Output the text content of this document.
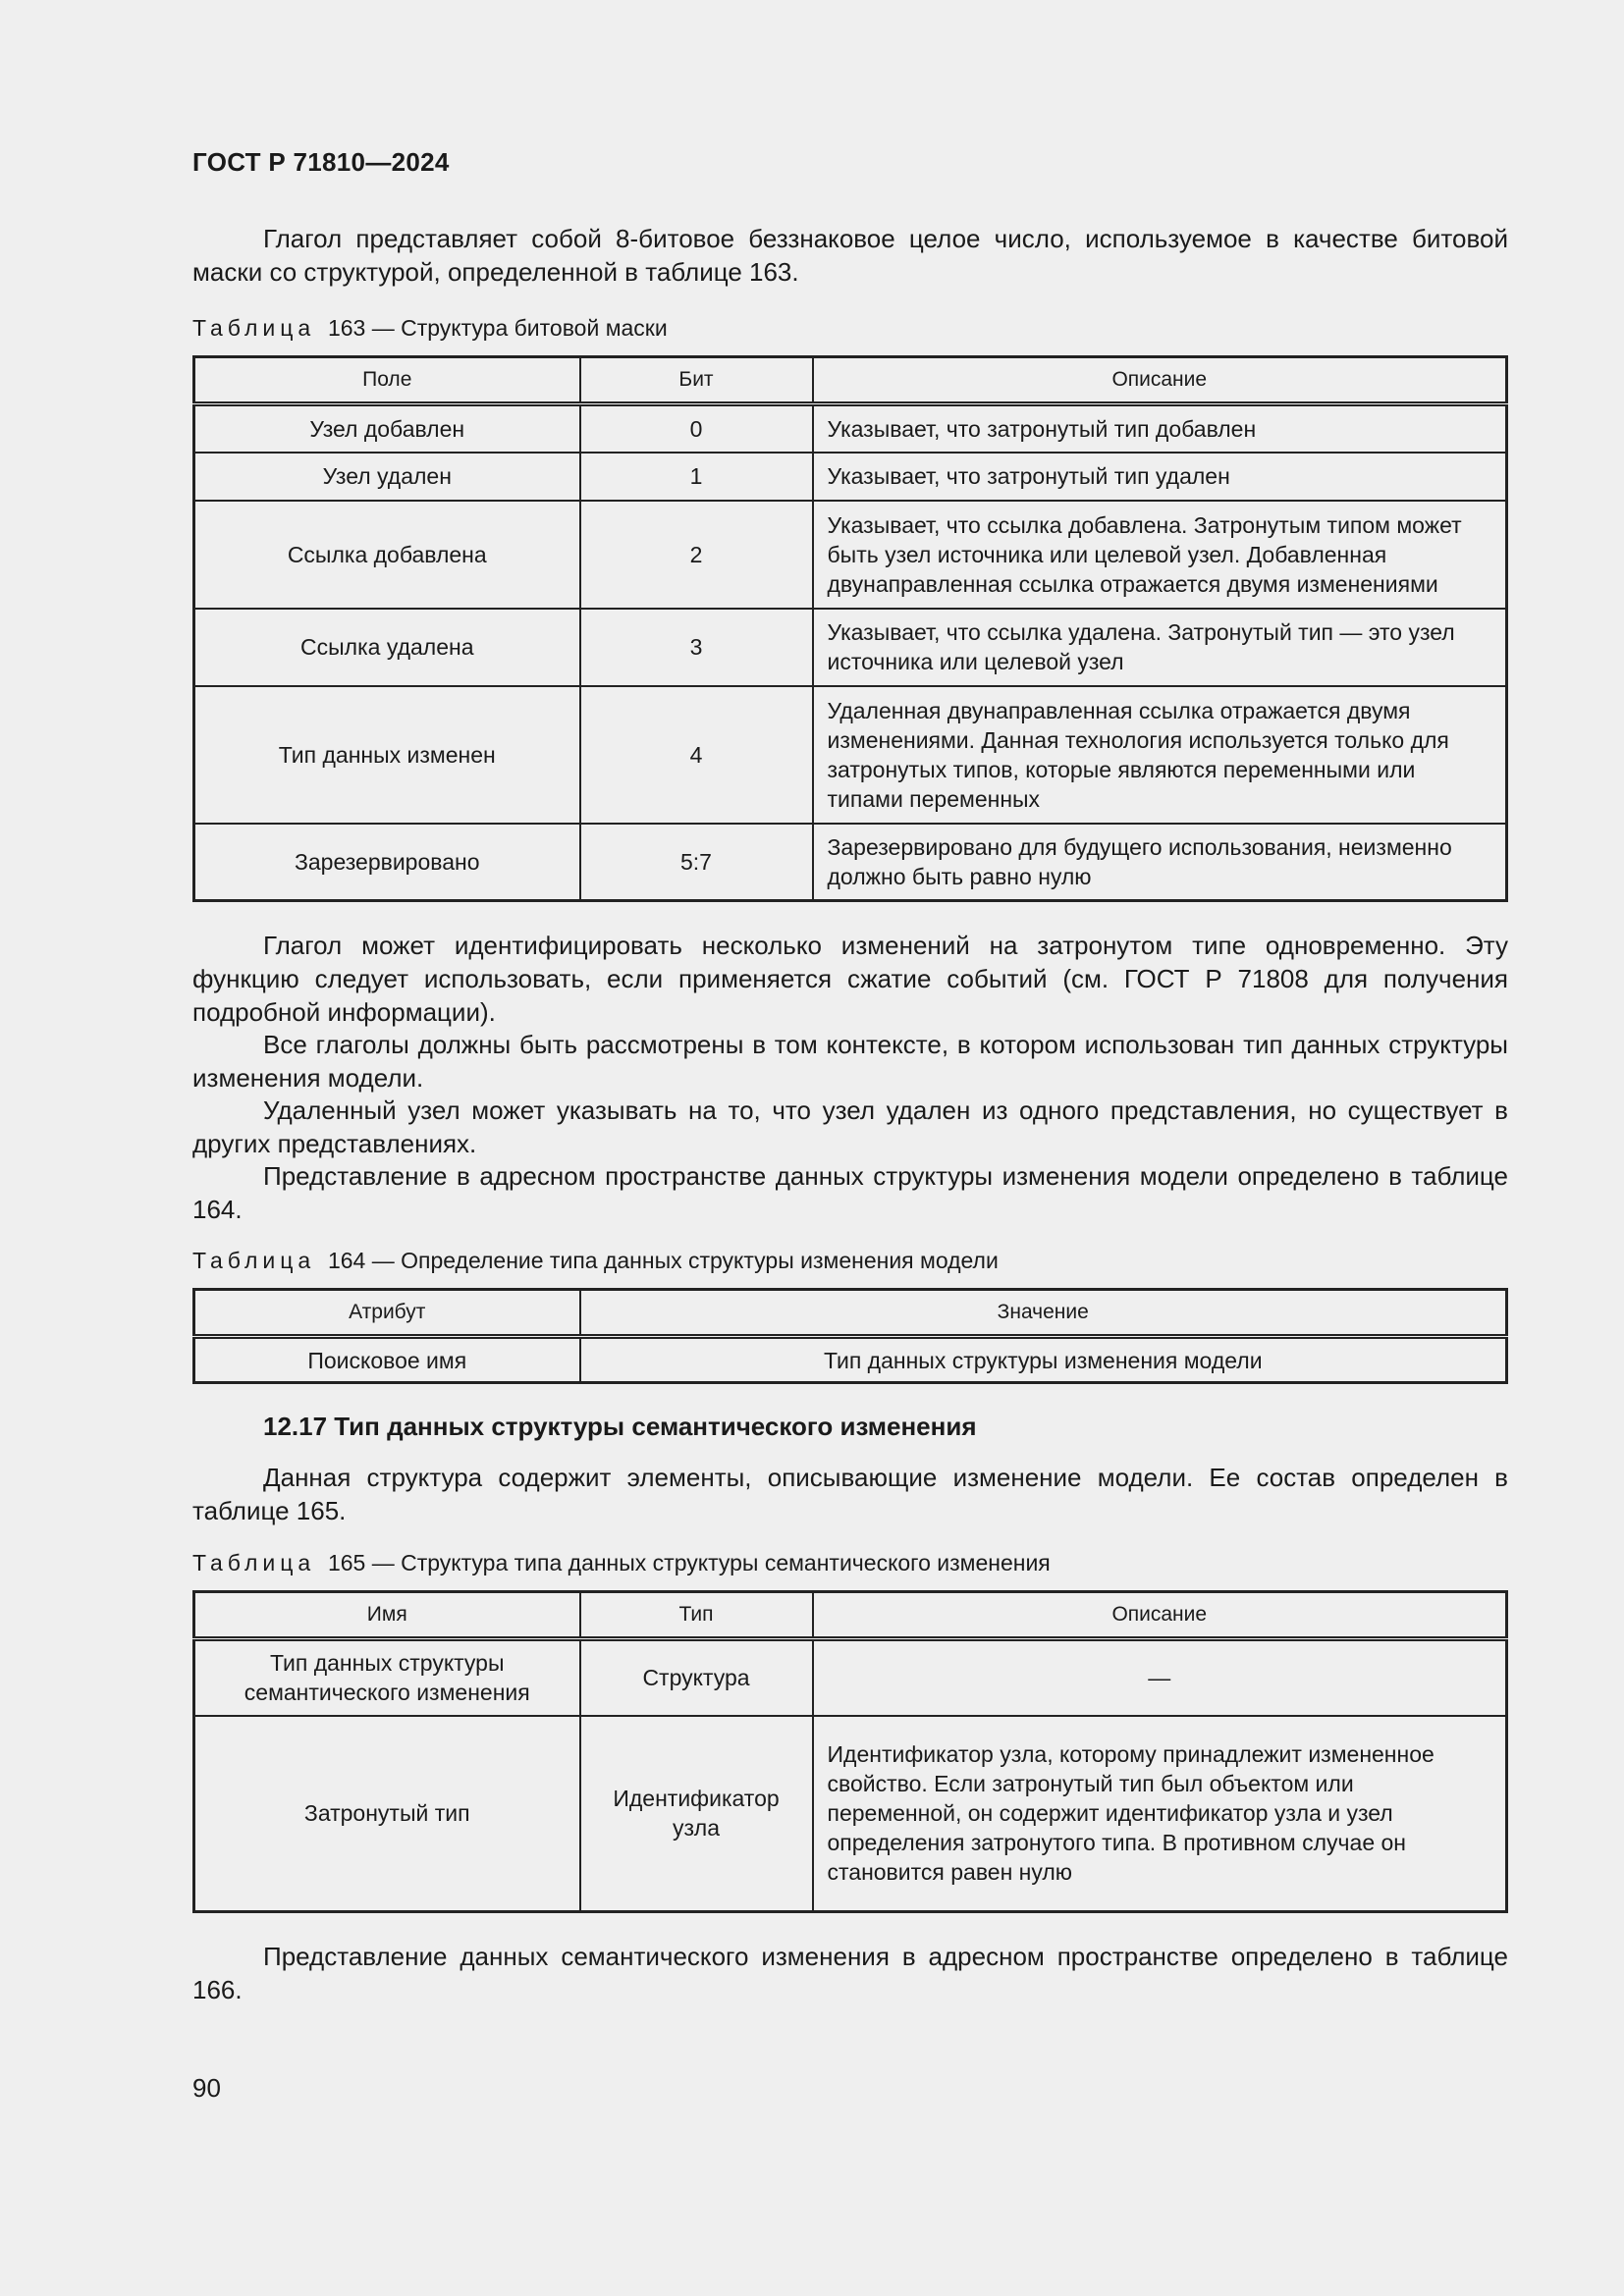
ГОСТ Р 71810—2024
Глагол представляет собой 8-битовое беззнаковое целое число, используемое в качестве битовой маски со структурой, определенной в таблице 163.
Таблица 163 — Структура битовой маски
Поле	Бит	Описание
Узел добавлен	0	Указывает, что затронутый тип добавлен
Узел удален	1	Указывает, что затронутый тип удален
Ссылка добавлена	2	Указывает, что ссылка добавлена. Затронутым типом может быть узел источника или целевой узел. Добавленная двунаправленная ссылка отражается двумя изменениями
Ссылка удалена	3	Указывает, что ссылка удалена. Затронутый тип — это узел источника или целевой узел
Тип данных изменен	4	Удаленная двунаправленная ссылка отражается двумя изменениями. Данная технология используется только для затронутых типов, которые являются переменными или типами переменных
Зарезервировано	5:7	Зарезервировано для будущего использования, неизменно должно быть равно нулю
Глагол может идентифицировать несколько изменений на затронутом типе одновременно. Эту функцию следует использовать, если применяется сжатие событий (см. ГОСТ Р 71808 для получения подробной информации).
Все глаголы должны быть рассмотрены в том контексте, в котором использован тип данных структуры изменения модели.
Удаленный узел может указывать на то, что узел удален из одного представления, но существует в других представлениях.
Представление в адресном пространстве данных структуры изменения модели определено в таблице 164.
Таблица 164 — Определение типа данных структуры изменения модели
Атрибут	Значение
Поисковое имя	Тип данных структуры изменения модели
12.17 Тип данных структуры семантического изменения
Данная структура содержит элементы, описывающие изменение модели. Ее состав определен в таблице 165.
Таблица 165 — Структура типа данных структуры семантического изменения
Имя	Тип	Описание
Тип данных структуры семантического изменения	Структура	—
Затронутый тип	Идентификатор узла	Идентификатор узла, которому принадлежит измененное свойство. Если затронутый тип был объектом или переменной, он содержит идентификатор узла и узел определения затронутого типа. В противном случае он становится равен нулю
Представление данных семантического изменения в адресном пространстве определено в таблице 166.
90
